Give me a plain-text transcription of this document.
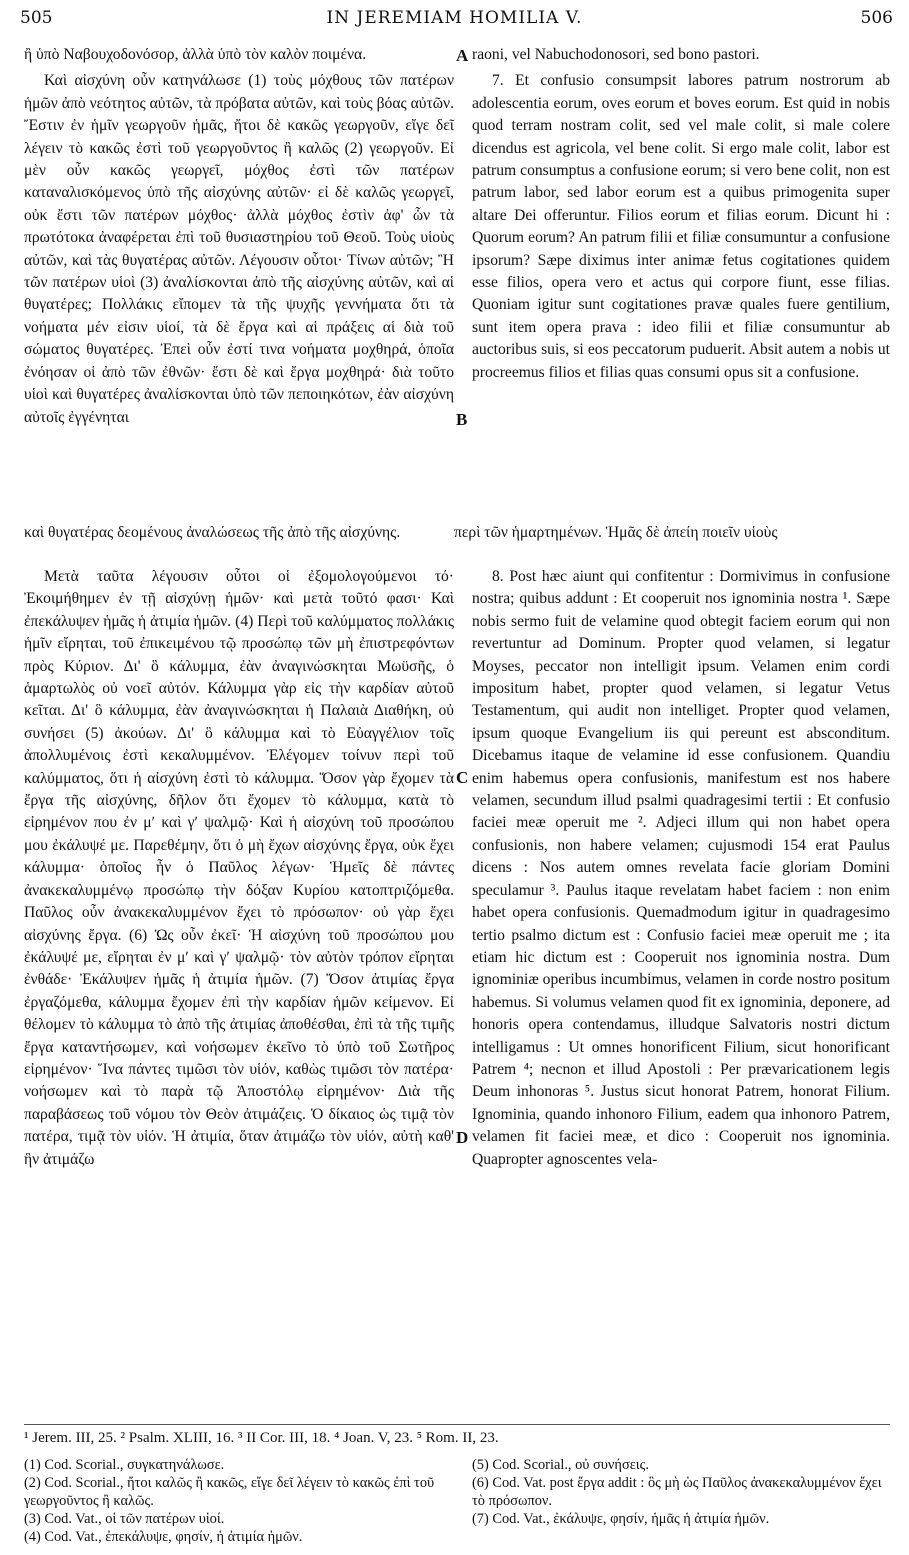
505	IN JEREMIAM HOMILIA V.	506

ἢ ὑπὸ Ναβουχοδονόσορ, ἀλλὰ ὑπὸ τὸν καλὸν ποιμένα.

Καὶ αἰσχύνη οὖν κατηνάλωσε (1) τοὺς μόχθους τῶν πατέρων ἡμῶν ἀπὸ νεότητος αὐτῶν, τὰ πρόβατα αὐτῶν, καὶ τοὺς βόας αὐτῶν. Ἔστιν ἐν ἡμῖν γεωργοῦν ἡμᾶς, ἤτοι δὲ κακῶς γεωργοῦν, εἴγε δεῖ λέγειν τὸ κακῶς ἐστὶ τοῦ γεωργοῦντος ἢ καλῶς (2) γεωργοῦν. Εἰ μὲν οὖν κακῶς γεωργεῖ, μόχθος ἐστὶ τῶν πατέρων καταναλισκόμενος ὑπὸ τῆς αἰσχύνης αὐτῶν· εἰ δὲ καλῶς γεωργεῖ, οὐκ ἔστι τῶν πατέρων μόχθος· ἀλλὰ μόχθος ἐστὶν ἀφ' ὧν τὰ πρωτότοκα ἀναφέρεται ἐπὶ τοῦ θυσιαστηρίου τοῦ Θεοῦ. Τοὺς υἱοὺς αὐτῶν, καὶ τὰς θυγατέρας αὐτῶν. Λέγουσιν οὗτοι· Τίνων αὐτῶν; Ἢ τῶν πατέρων υἱοὶ (3) ἀναλίσκονται ἀπὸ τῆς αἰσχύνης αὐτῶν, καὶ αἱ θυγατέρες; Πολλάκις εἴπομεν τὰ τῆς ψυχῆς γεννήματα ὅτι τὰ νοήματα μέν εἰσιν υἱοί, τὰ δὲ ἔργα καὶ αἱ πράξεις αἱ διὰ τοῦ σώματος θυγατέρες. Ἐπεὶ οὖν ἐστί τινα νοήματα μοχθηρά, ὁποῖα ἐνόησαν οἱ ἀπὸ τῶν ἐθνῶν· ἔστι δὲ καὶ ἔργα μοχθηρά· διὰ τοῦτο υἱοὶ καὶ θυγατέρες ἀναλίσκονται ὑπὸ τῶν πεποιηκότων, ἐὰν αἰσχύνη αὐτοῖς ἐγγένηται

raoni, vel Nabuchodonosori, sed bono pastori.

7. Et confusio consumpsit labores patrum nostrorum ab adolescentia eorum, oves eorum et boves eorum. Est quid in nobis quod terram nostram colit, sed vel male colit, si male colere dicendus est agricola, vel bene colit. Si ergo male colit, labor est patrum consumptus a confusione eorum; si vero bene colit, non est patrum labor, sed labor eorum est a quibus primogenita super altare Dei offeruntur. Filios eorum et filias eorum. Dicunt hi : Quorum eorum? An patrum filii et filiæ consumuntur a confusione ipsorum? Sæpe diximus inter animæ fetus cogitationes quidem esse filios, opera vero et actus qui corpore fiunt, esse filias. Quoniam igitur sunt cogitationes pravæ quales fuere gentilium, sunt item opera prava : ideo filii et filiæ consumuntur ab auctoribus suis, si eos peccatorum puduerit. Absit autem a nobis ut procreemus filios et filias quas consumi opus sit a confusione.

καὶ θυγατέρας δεομένους ἀναλώσεως τῆς ἀπὸ τῆς αἰσχύνης.	περὶ τῶν ἡμαρτημένων. Ἡμᾶς δὲ ἀπείη ποιεῖν υἱοὺς

Μετὰ ταῦτα λέγουσιν οὗτοι οἱ ἐξομολογούμενοι τό· Ἐκοιμήθημεν ἐν τῇ αἰσχύνῃ ἡμῶν· καὶ μετὰ τοῦτό φασι· Καὶ ἐπεκάλυψεν ἡμᾶς ἡ ἀτιμία ἡμῶν. (4) Περὶ τοῦ καλύμματος πολλάκις ἡμῖν εἴρηται, τοῦ ἐπικειμένου τῷ προσώπῳ τῶν μὴ ἐπιστρεφόντων πρὸς Κύριον. Δι' ὃ κάλυμμα, ἐὰν ἀναγινώσκηται Μωϋσῆς, ὁ ἁμαρτωλὸς οὐ νοεῖ αὐτόν. Κάλυμμα γὰρ εἰς τὴν καρδίαν αὐτοῦ κεῖται. Δι' ὃ κάλυμμα, ἐὰν ἀναγινώσκηται ἡ Παλαιὰ Διαθήκη, οὐ συνήσει (5) ἀκούων. Δι' ὃ κάλυμμα καὶ τὸ Εὐαγγέλιον τοῖς ἀπολλυμένοις ἐστὶ κεκαλυμμένον. Ἐλέγομεν τοίνυν περὶ τοῦ καλύμματος, ὅτι ἡ αἰσχύνη ἐστὶ τὸ κάλυμμα. Ὅσον γὰρ ἔχομεν τὰ ἔργα τῆς αἰσχύνης, δῆλον ὅτι ἔχομεν τὸ κάλυμμα, κατὰ τὸ εἰρημένον που ἐν μʹ καὶ γʹ ψαλμῷ· Καὶ ἡ αἰσχύνη τοῦ προσώπου μου ἐκάλυψέ με. Παρεθέμην, ὅτι ὁ μὴ ἔχων αἰσχύνης ἔργα, οὐκ ἔχει κάλυμμα· ὁποῖος ἦν ὁ Παῦλος λέγων· Ἡμεῖς δὲ πάντες ἀνακεκαλυμμένῳ προσώπῳ τὴν δόξαν Κυρίου κατοπτριζόμεθα. Παῦλος οὖν ἀνακεκαλυμμένον ἔχει τὸ πρόσωπον· οὐ γὰρ ἔχει αἰσχύνης ἔργα. (6) Ὡς οὖν ἐκεῖ· Ἡ αἰσχύνη τοῦ προσώπου μου ἐκάλυψέ με, εἴρηται ἐν μʹ καὶ γʹ ψαλμῷ· τὸν αὐτὸν τρόπον εἴρηται ἐνθάδε· Ἐκάλυψεν ἡμᾶς ἡ ἀτιμία ἡμῶν. (7) Ὅσον ἀτιμίας ἔργα ἐργαζόμεθα, κάλυμμα ἔχομεν ἐπὶ τὴν καρδίαν ἡμῶν κείμενον. Εἰ θέλομεν τὸ κάλυμμα τὸ ἀπὸ τῆς ἀτιμίας ἀποθέσθαι, ἐπὶ τὰ τῆς τιμῆς ἔργα καταντήσωμεν, καὶ νοήσωμεν ἐκεῖνο τὸ ὑπὸ τοῦ Σωτῆρος εἰρημένον· Ἵνα πάντες τιμῶσι τὸν υἱόν, καθὼς τιμῶσι τὸν πατέρα· νοήσωμεν καὶ τὸ παρὰ τῷ Ἀποστόλῳ εἰρημένον· Διὰ τῆς παραβάσεως τοῦ νόμου τὸν Θεὸν ἀτιμάζεις. Ὁ δίκαιος ὡς τιμᾷ τὸν πατέρα, τιμᾷ τὸν υἱόν. Ἡ ἀτιμία, ὅταν ἀτιμάζω τὸν υἱόν, αὐτὴ καθ' ἣν ἀτιμάζω

8. Post hæc aiunt qui confitentur : Dormivimus in confusione nostra; quibus addunt : Et cooperuit nos ignominia nostra ¹. Sæpe nobis sermo fuit de velamine quod obtegit faciem eorum qui non revertuntur ad Dominum. Propter quod velamen, si legatur Moyses, peccator non intelligit ipsum. Velamen enim cordi impositum habet, propter quod velamen, si legatur Vetus Testamentum, qui audit non intelliget. Propter quod velamen, ipsum quoque Evangelium iis qui pereunt est absconditum. Dicebamus itaque de velamine id esse confusionem. Quandiu enim habemus opera confusionis, manifestum est nos habere velamen, secundum illud psalmi quadragesimi tertii : Et confusio faciei meæ operuit me ². Adjeci illum qui non habet opera confusionis, non habere velamen; cujusmodi 154 erat Paulus dicens : Nos autem omnes revelata facie gloriam Domini speculamur ³. Paulus itaque revelatam habet faciem : non enim habet opera confusionis. Quemadmodum igitur in quadragesimo tertio psalmo dictum est : Confusio faciei meæ operuit me ; ita etiam hic dictum est : Cooperuit nos ignominia nostra. Dum ignominiæ operibus incumbimus, velamen in corde nostro positum habemus. Si volumus velamen quod fit ex ignominia, deponere, ad honoris opera contendamus, illudque Salvatoris nostri dictum intelligamus : Ut omnes honorificent Filium, sicut honorificant Patrem ⁴; necnon et illud Apostoli : Per prævaricationem legis Deum inhonoras ⁵. Justus sicut honorat Patrem, honorat Filium. Ignominia, quando inhonoro Filium, eadem qua inhonoro Patrem, velamen fit faciei meæ, et dico : Cooperuit nos ignominia. Quapropter agnoscentes vela-

A
B
C
D
¹ Jerem. III, 25. ² Psalm. XLIII, 16. ³ II Cor. III, 18. ⁴ Joan. V, 23. ⁵ Rom. II, 23.
(1) Cod. Scorial., συγκατηνάλωσε.
(2) Cod. Scorial., ἤτοι καλῶς ἢ κακῶς, εἴγε δεῖ λέγειν τὸ κακῶς ἐπὶ τοῦ γεωργοῦντος ἢ καλῶς.
(3) Cod. Vat., οἱ τῶν πατέρων υἱοί.
(4) Cod. Vat., ἐπεκάλυψε, φησίν, ἡ ἀτιμία ἡμῶν.
(5) Cod. Scorial., οὐ συνήσεις.
(6) Cod. Vat. post ἔργα addit : ὃς μὴ ὡς Παῦλος ἀνακεκαλυμμένον ἔχει τὸ πρόσωπον.
(7) Cod. Vat., ἐκάλυψε, φησίν, ἡμᾶς ἡ ἀτιμία ἡμῶν.
